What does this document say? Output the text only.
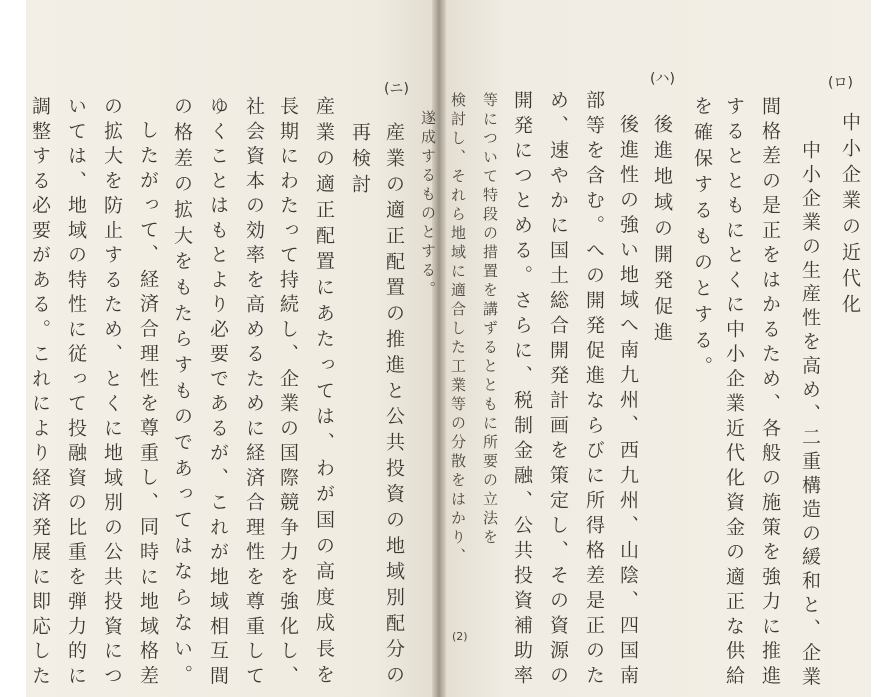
(ロ)
中小企業の近代化
中小企業の生産性を高め、二重構造の緩和と、企業
間格差の是正をはかるため、各般の施策を強力に推進
するとともにとくに中小企業近代化資金の適正な供給
を確保するものとする。
(ハ)
後進地域の開発促進
後進性の強い地域へ南九州、西九州、山陰、四国南
部等を含む。への開発促進ならびに所得格差是正のた
め、速やかに国土総合開発計画を策定し、その資源の
開発につとめる。さらに、税制金融、公共投資補助率
等について特段の措置を講ずるとともに所要の立法を
検討し、それら地域に適合した工業等の分散をはかり、
遂成するものとする。
(2)
(ニ)
産業の適正配置の推進と公共投資の地域別配分の
再検討
産業の適正配置にあたっては、わが国の高度成長を
長期にわたって持続し、企業の国際競争力を強化し、
社会資本の効率を高めるために経済合理性を尊重して
ゆくことはもとより必要であるが、これが地域相互間
の格差の拡大をもたらすものであってはならない。
したがって、経済合理性を尊重し、同時に地域格差
の拡大を防止するため、とくに地域別の公共投資につ
いては、地域の特性に従って投融資の比重を弾力的に
調整する必要がある。これにより経済発展に即応した
